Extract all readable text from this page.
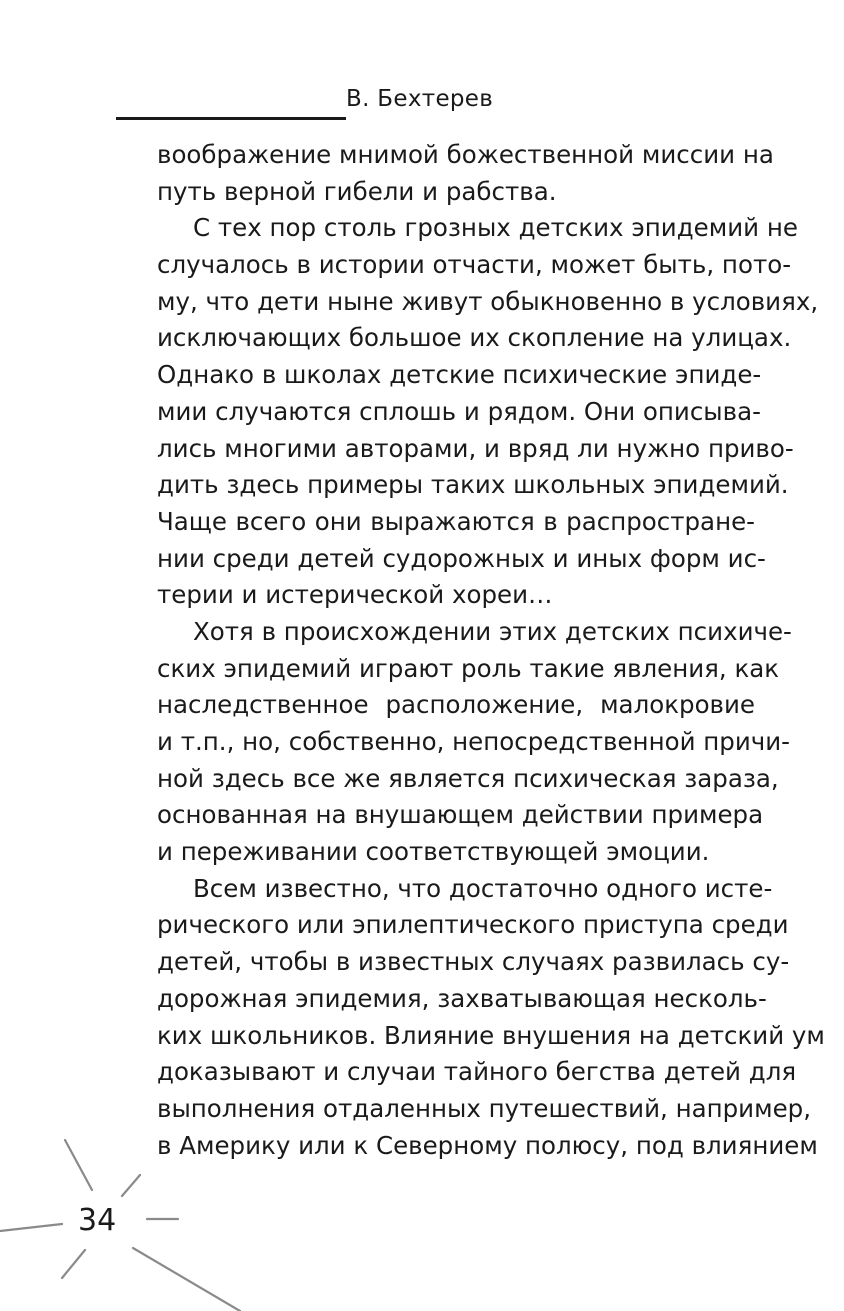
В. Бехтерев
воображение мнимой божественной миссии на
путь верной гибели и рабства.
С тех пор столь грозных детских эпидемий не
случалось в истории отчасти, может быть, пото-
му, что дети ныне живут обыкновенно в условиях,
исключающих большое их скопление на улицах.
Однако в школах детские психические эпиде-
мии случаются сплошь и рядом. Они описыва-
лись многими авторами, и вряд ли нужно приво-
дить здесь примеры таких школьных эпидемий.
Чаще всего они выражаются в распростране-
нии среди детей судорожных и иных форм ис-
терии и истерической хореи…
Хотя в происхождении этих детских психиче-
ских эпидемий играют роль такие явления, как
наследственное расположение, малокровие
и т.п., но, собственно, непосредственной причи-
ной здесь все же является психическая зараза,
основанная на внушающем действии примера
и переживании соответствующей эмоции.
Всем известно, что достаточно одного исте-
рического или эпилептического приступа среди
детей, чтобы в известных случаях развилась су-
дорожная эпидемия, захватывающая несколь-
ких школьников. Влияние внушения на детский ум
доказывают и случаи тайного бегства детей для
выполнения отдаленных путешествий, например,
в Америку или к Северному полюсу, под влиянием
34
